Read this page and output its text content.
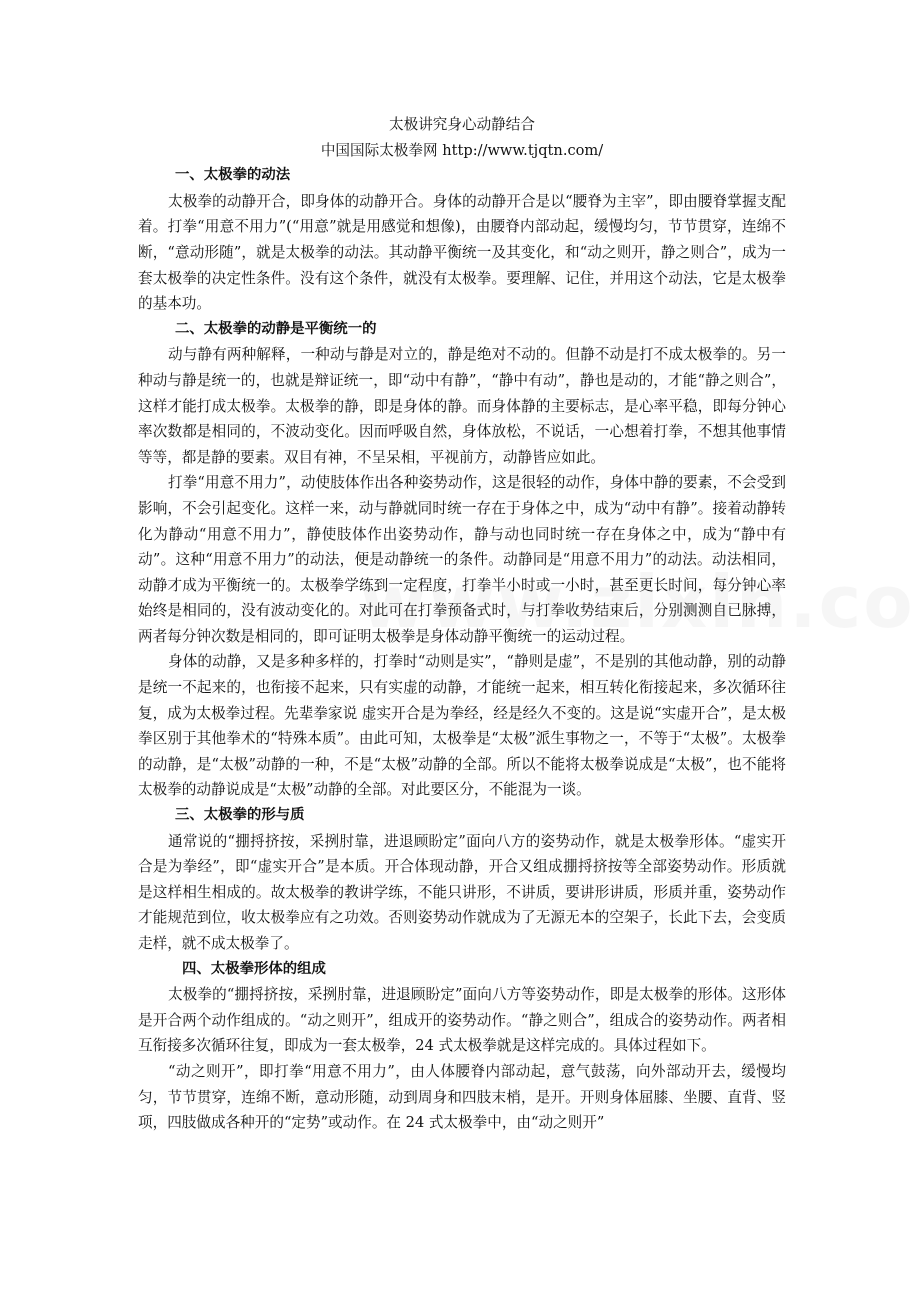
太极讲究身心动静结合

中国国际太极拳网 http://www.tjqtn.com/

一、太极拳的动法

太极拳的动静开合，即身体的动静开合。身体的动静开合是以“腰脊为主宰”，即由腰脊掌握支配着。打拳“用意不用力”(“用意”就是用感觉和想像)，由腰脊内部动起，缓慢均匀，节节贯穿，连绵不断，“意动形随”，就是太极拳的动法。其动静平衡统一及其变化，和“动之则开，静之则合”，成为一套太极拳的决定性条件。没有这个条件，就没有太极拳。要理解、记住，并用这个动法，它是太极拳的基本功。

二、太极拳的动静是平衡统一的

动与静有两种解释，一种动与静是对立的，静是绝对不动的。但静不动是打不成太极拳的。另一种动与静是统一的，也就是辩证统一，即“动中有静”，“静中有动”，静也是动的，才能“静之则合”，这样才能打成太极拳。太极拳的静，即是身体的静。而身体静的主要标志，是心率平稳，即每分钟心率次数都是相同的，不波动变化。因而呼吸自然，身体放松，不说话，一心想着打拳，不想其他事情等等，都是静的要素。双目有神，不呈呆相，平视前方，动静皆应如此。

打拳“用意不用力”，动使肢体作出各种姿势动作，这是很轻的动作，身体中静的要素，不会受到影响，不会引起变化。这样一来，动与静就同时统一存在于身体之中，成为“动中有静”。接着动静转化为静动“用意不用力”，静使肢体作出姿势动作，静与动也同时统一存在身体之中，成为“静中有动”。这种“用意不用力”的动法，便是动静统一的条件。动静同是“用意不用力”的动法。动法相同，动静才成为平衡统一的。太极拳学练到一定程度，打拳半小时或一小时，甚至更长时间，每分钟心率始终是相同的，没有波动变化的。对此可在打拳预备式时，与打拳收势结束后，分别测测自已脉搏，两者每分钟次数是相同的，即可证明太极拳是身体动静平衡统一的运动过程。

身体的动静，又是多种多样的，打拳时“动则是实”，“静则是虚”，不是别的其他动静，别的动静是统一不起来的，也衔接不起来，只有实虚的动静，才能统一起来，相互转化衔接起来，多次循环往复，成为太极拳过程。先辈拳家说 虚实开合是为拳经，经是经久不变的。这是说“实虚开合”，是太极拳区别于其他拳术的“特殊本质”。由此可知，太极拳是“太极”派生事物之一，不等于“太极”。太极拳的动静，是“太极”动静的一种，不是“太极”动静的全部。所以不能将太极拳说成是“太极”，也不能将太极拳的动静说成是“太极”动静的全部。对此要区分，不能混为一谈。

三、太极拳的形与质

通常说的“掤捋挤按，采挒肘靠，进退顾盼定”面向八方的姿势动作，就是太极拳形体。“虚实开合是为拳经”，即“虚实开合”是本质。开合体现动静，开合又组成掤捋挤按等全部姿势动作。形质就是这样相生相成的。故太极拳的教讲学练，不能只讲形，不讲质，要讲形讲质，形质并重，姿势动作才能规范到位，收太极拳应有之功效。否则姿势动作就成为了无源无本的空架子，长此下去，会变质走样，就不成太极拳了。

四、太极拳形体的组成

太极拳的“掤捋挤按，采挒肘靠，进退顾盼定”面向八方等姿势动作，即是太极拳的形体。这形体是开合两个动作组成的。“动之则开”，组成开的姿势动作。“静之则合”，组成合的姿势动作。两者相互衔接多次循环往复，即成为一套太极拳，24 式太极拳就是这样完成的。具体过程如下。

“动之则开”，即打拳“用意不用力”，由人体腰脊内部动起，意气鼓荡，向外部动开去，缓慢均匀，节节贯穿，连绵不断，意动形随，动到周身和四肢末梢，是开。开则身体屈膝、坐腰、直背、竖项，四肢做成各种开的“定势”或动作。在 24 式太极拳中，由“动之则开”
